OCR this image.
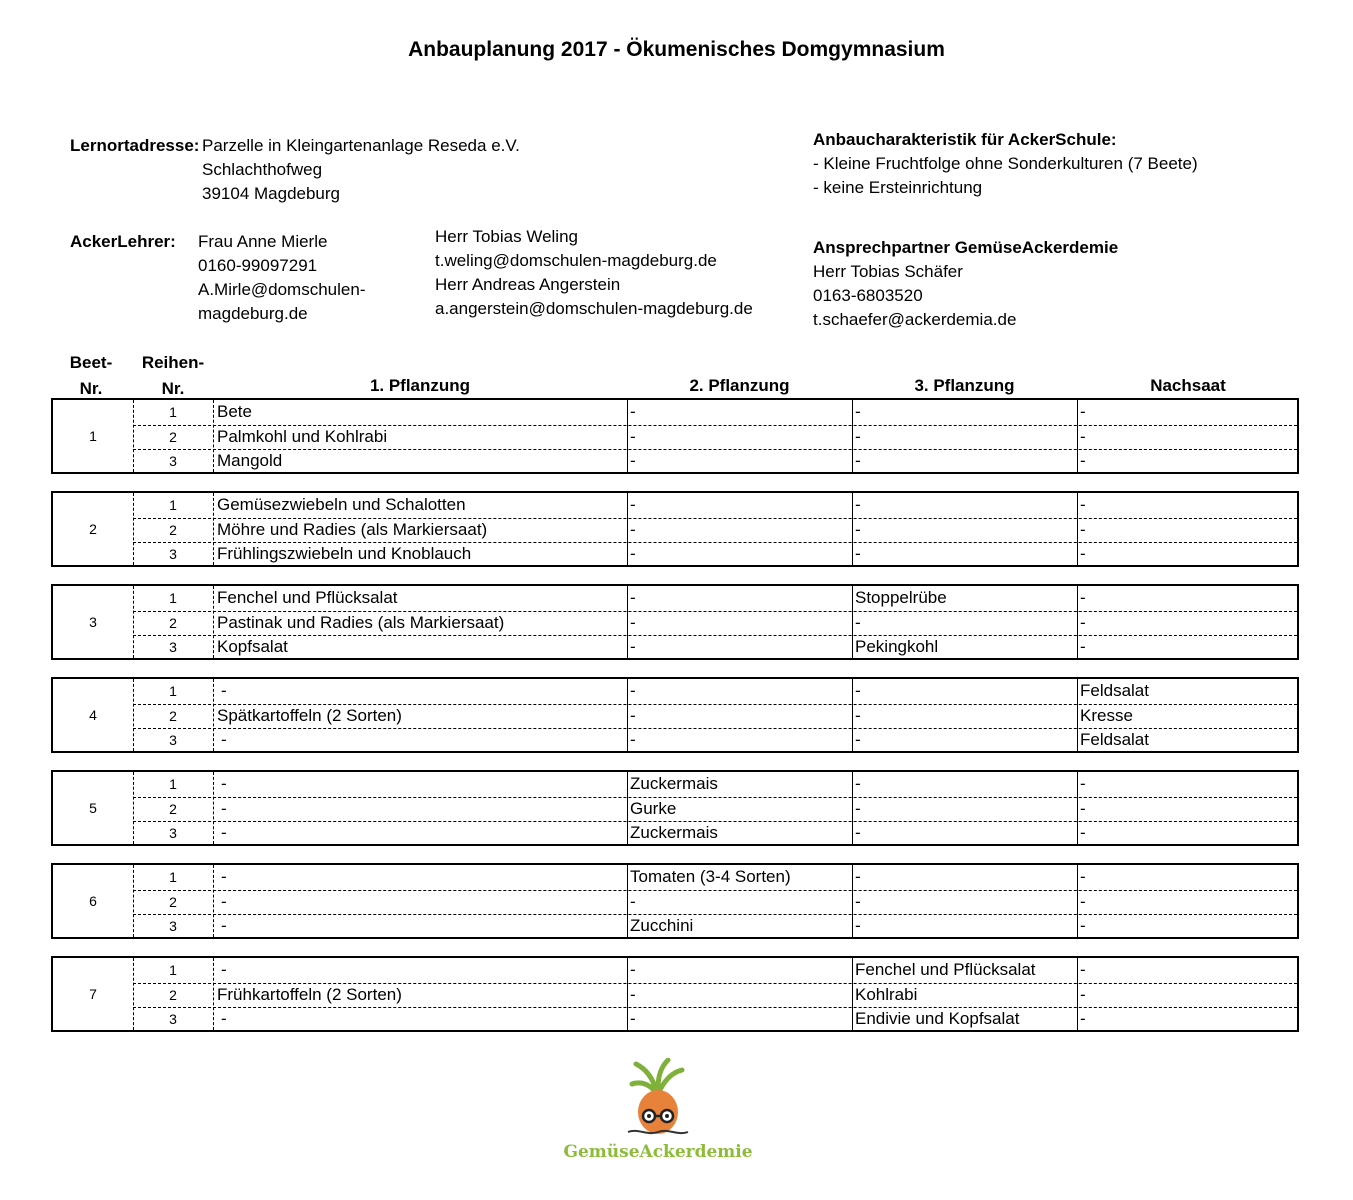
Anbauplanung 2017 - Ökumenisches Domgymnasium
Lernortadresse: Parzelle in Kleingartenanlage Reseda e.V.
Schlachthofweg
39104 Magdeburg
AckerLehrer: Frau Anne Mierle
0160-99097291
A.Mirle@domschulen-
magdeburg.de
Herr Tobias Weling
t.weling@domschulen-magdeburg.de
Herr Andreas Angerstein
a.angerstein@domschulen-magdeburg.de
Anbaucharakteristik für AckerSchule:
- Kleine Fruchtfolge ohne Sonderkulturen (7 Beete)
- keine Ersteinrichtung
Ansprechpartner GemüseAckerdemie
Herr Tobias Schäfer
0163-6803520
t.schaefer@ackerdemia.de
Beet-
Nr.
Reihen-
Nr.	1. Pflanzung	2. Pflanzung	3. Pflanzung	Nachsaat
1
1	Bete	-	-	-
2	Palmkohl und Kohlrabi	-	-	-
3	Mangold	-	-	-
2
1	Gemüsezwiebeln und Schalotten	-	-	-
2	Möhre und Radies (als Markiersaat)	-	-	-
3	Frühlingszwiebeln und Knoblauch	-	-	-
3
1	Fenchel und Pflücksalat	-	Stoppelrübe	-
2	Pastinak und Radies (als Markiersaat)	-	-	-
3	Kopfsalat	-	Pekingkohl	-
4
1	-	-	-	Feldsalat
2	Spätkartoffeln (2 Sorten)	-	-	Kresse
3	-	-	-	Feldsalat
5
1	-	Zuckermais	-	-
2	-	Gurke	-	-
3	-	Zuckermais	-	-
6
1	-	Tomaten (3-4 Sorten)	-	-
2	-	-	-	-
3	-	Zucchini	-	-
7
1	-	-	Fenchel und Pflücksalat	-
2	Frühkartoffeln (2 Sorten)	-	Kohlrabi	-
3	-	-	Endivie und Kopfsalat	-
GemüseAckerdemie
